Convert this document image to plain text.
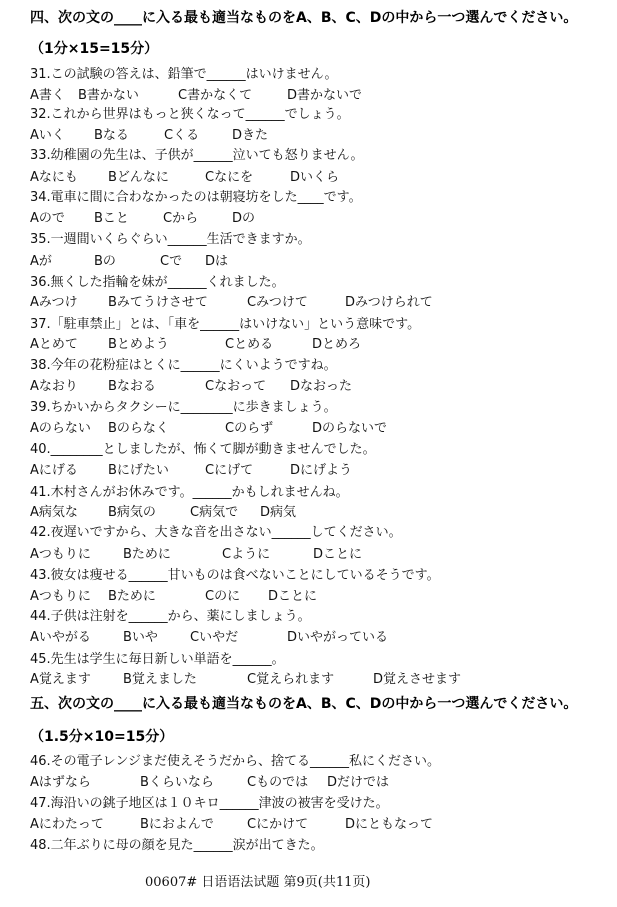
四、次の文の____に入る最も適当なものをA、B、C、Dの中から一つ選んでください。
（1分×15=15分）
31.この試験の答えは、鉛筆で______はいけません。
A書く B書かない	C書かなくて	D書かないで
32.これから世界はもっと狭くなって______でしょう。
Aいく Bなる	Cくる	Dきた
33.幼稚園の先生は、子供が______泣いても怒りません。
Aなにも Bどんなに	Cなにを	Dいくら
34.電車に間に合わなかったのは朝寝坊をした____です。
Aので Bこと	Cから	Dの
35.一週間いくらぐらい______生活できますか。
Aが	Bの	Cで Dは
36.無くした指輪を妹が______くれました。
Aみつけ Bみてうけさせて	Cみつけて	Dみつけられて
37.「駐車禁止」とは、「車を______はいけない」という意味です。
Aとめて Bとめよう	Cとめる	Dとめろ
38.今年の花粉症はとくに______にくいようですね。
Aなおり Bなおる	Cなおって Dなおった
39.ちかいからタクシーに________に歩きましょう。
Aのらない Bのらなく	Cのらず	Dのらないで
40.________としましたが、怖くて脚が動きませんでした。
Aにげる Bにげたい	Cにげて	Dにげよう
41.木村さんがお休みです。______かもしれませんね。
A病気な B病気の	C病気で D病気
42.夜遅いですから、大きな音を出さない______してください。
Aつもりに Bために	Cように	Dことに
43.彼女は痩せる______甘いものは食べないことにしているそうです。
Aつもりに Bために	Cのに Dことに
44.子供は注射を______から、薬にしましょう。
Aいやがる Bいや Cいやだ	Dいやがっている
45.先生は学生に毎日新しい単語を______。
A覚えます B覚えました	C覚えられます	D覚えさせます
五、次の文の____に入る最も適当なものをA、B、C、Dの中から一つ選んでください。
（1.5分×10=15分）
46.その電子レンジまだ使えそうだから、捨てる______私にください。
Aはずなら	Bくらいなら	Cものでは Dだけでは
47.海沿いの銚子地区は１０キロ______津波の被害を受けた。
Aにわたって	Bにおよんで	Cにかけて	Dにともなって
48.二年ぶりに母の顔を見た______涙が出てきた。
00607# 日语语法试题 第9页(共11页)
